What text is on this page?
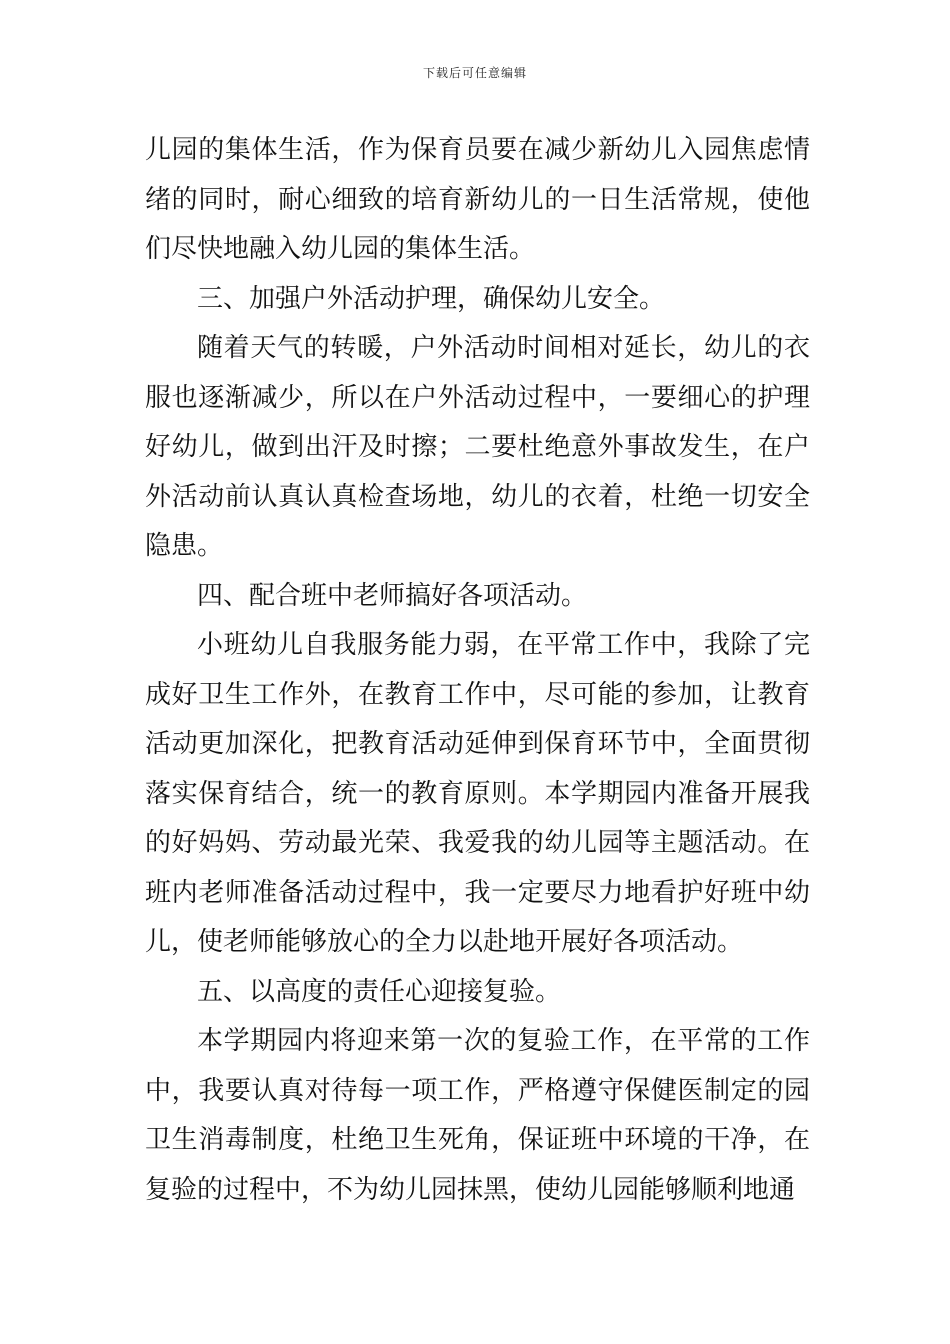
下载后可任意编辑

儿园的集体生活，作为保育员要在减少新幼儿入园焦虑情绪的同时，耐心细致的培育新幼儿的一日生活常规，使他们尽快地融入幼儿园的集体生活。

三、加强户外活动护理，确保幼儿安全。

随着天气的转暖，户外活动时间相对延长，幼儿的衣服也逐渐减少，所以在户外活动过程中，一要细心的护理好幼儿，做到出汗及时擦；二要杜绝意外事故发生，在户外活动前认真认真检查场地，幼儿的衣着，杜绝一切安全隐患。

四、配合班中老师搞好各项活动。

小班幼儿自我服务能力弱，在平常工作中，我除了完成好卫生工作外，在教育工作中，尽可能的参加，让教育活动更加深化，把教育活动延伸到保育环节中，全面贯彻落实保育结合，统一的教育原则。本学期园内准备开展我的好妈妈、劳动最光荣、我爱我的幼儿园等主题活动。在班内老师准备活动过程中，我一定要尽力地看护好班中幼儿，使老师能够放心的全力以赴地开展好各项活动。

五、以高度的责任心迎接复验。

本学期园内将迎来第一次的复验工作，在平常的工作中，我要认真对待每一项工作，严格遵守保健医制定的园卫生消毒制度，杜绝卫生死角，保证班中环境的干净，在复验的过程中，不为幼儿园抹黑，使幼儿园能够顺利地通
